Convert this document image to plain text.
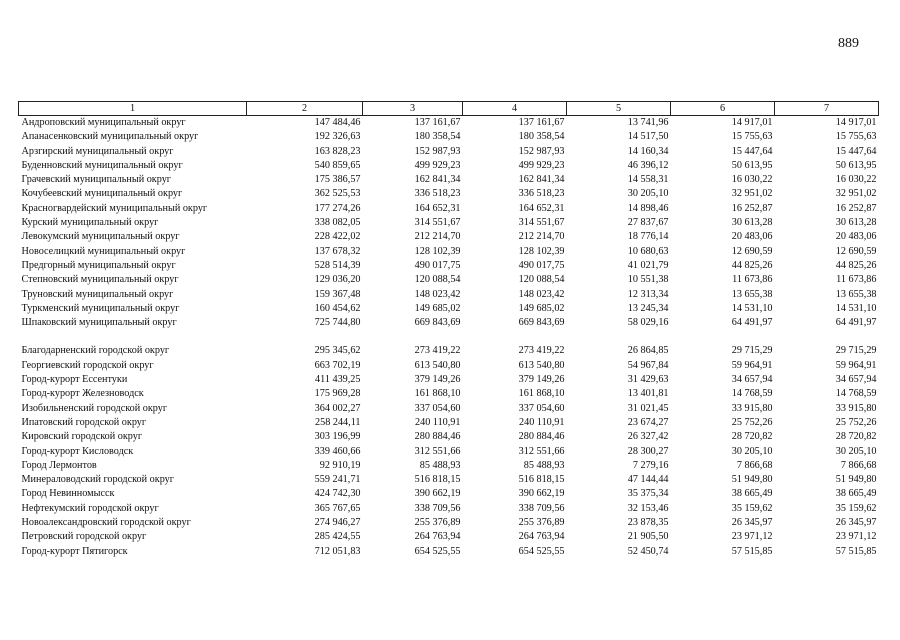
889
1	2	3	4	5	6	7
Андроповский муниципальный округ	147 484,46	137 161,67	137 161,67	13 741,96	14 917,01	14 917,01
Апанасенковский муниципальный округ	192 326,63	180 358,54	180 358,54	14 517,50	15 755,63	15 755,63
Арзгирский муниципальный округ	163 828,23	152 987,93	152 987,93	14 160,34	15 447,64	15 447,64
Буденновский муниципальный округ	540 859,65	499 929,23	499 929,23	46 396,12	50 613,95	50 613,95
Грачевский муниципальный округ	175 386,57	162 841,34	162 841,34	14 558,31	16 030,22	16 030,22
Кочубеевский муниципальный округ	362 525,53	336 518,23	336 518,23	30 205,10	32 951,02	32 951,02
Красногвардейский муниципальный округ	177 274,26	164 652,31	164 652,31	14 898,46	16 252,87	16 252,87
Курский муниципальный округ	338 082,05	314 551,67	314 551,67	27 837,67	30 613,28	30 613,28
Левокумский муниципальный округ	228 422,02	212 214,70	212 214,70	18 776,14	20 483,06	20 483,06
Новоселицкий муниципальный округ	137 678,32	128 102,39	128 102,39	10 680,63	12 690,59	12 690,59
Предгорный муниципальный округ	528 514,39	490 017,75	490 017,75	41 021,79	44 825,26	44 825,26
Степновский муниципальный округ	129 036,20	120 088,54	120 088,54	10 551,38	11 673,86	11 673,86
Труновский муниципальный округ	159 367,48	148 023,42	148 023,42	12 313,34	13 655,38	13 655,38
Туркменский муниципальный округ	160 454,62	149 685,02	149 685,02	13 245,34	14 531,10	14 531,10
Шпаковский муниципальный округ	725 744,80	669 843,69	669 843,69	58 029,16	64 491,97	64 491,97

Благодарненский городской округ	295 345,62	273 419,22	273 419,22	26 864,85	29 715,29	29 715,29
Георгиевский городской округ	663 702,19	613 540,80	613 540,80	54 967,84	59 964,91	59 964,91
Город-курорт Ессентуки	411 439,25	379 149,26	379 149,26	31 429,63	34 657,94	34 657,94
Город-курорт Железноводск	175 969,28	161 868,10	161 868,10	13 401,81	14 768,59	14 768,59
Изобильненский городской округ	364 002,27	337 054,60	337 054,60	31 021,45	33 915,80	33 915,80
Ипатовский городской округ	258 244,11	240 110,91	240 110,91	23 674,27	25 752,26	25 752,26
Кировский городской округ	303 196,99	280 884,46	280 884,46	26 327,42	28 720,82	28 720,82
Город-курорт Кисловодск	339 460,66	312 551,66	312 551,66	28 300,27	30 205,10	30 205,10
Город Лермонтов	92 910,19	85 488,93	85 488,93	7 279,16	7 866,68	7 866,68
Минераловодский городской округ	559 241,71	516 818,15	516 818,15	47 144,44	51 949,80	51 949,80
Город Невинномысск	424 742,30	390 662,19	390 662,19	35 375,34	38 665,49	38 665,49
Нефтекумский городской округ	365 767,65	338 709,56	338 709,56	32 153,46	35 159,62	35 159,62
Новоалександровский городской округ	274 946,27	255 376,89	255 376,89	23 878,35	26 345,97	26 345,97
Петровский городской округ	285 424,55	264 763,94	264 763,94	21 905,50	23 971,12	23 971,12
Город-курорт Пятигорск	712 051,83	654 525,55	654 525,55	52 450,74	57 515,85	57 515,85
